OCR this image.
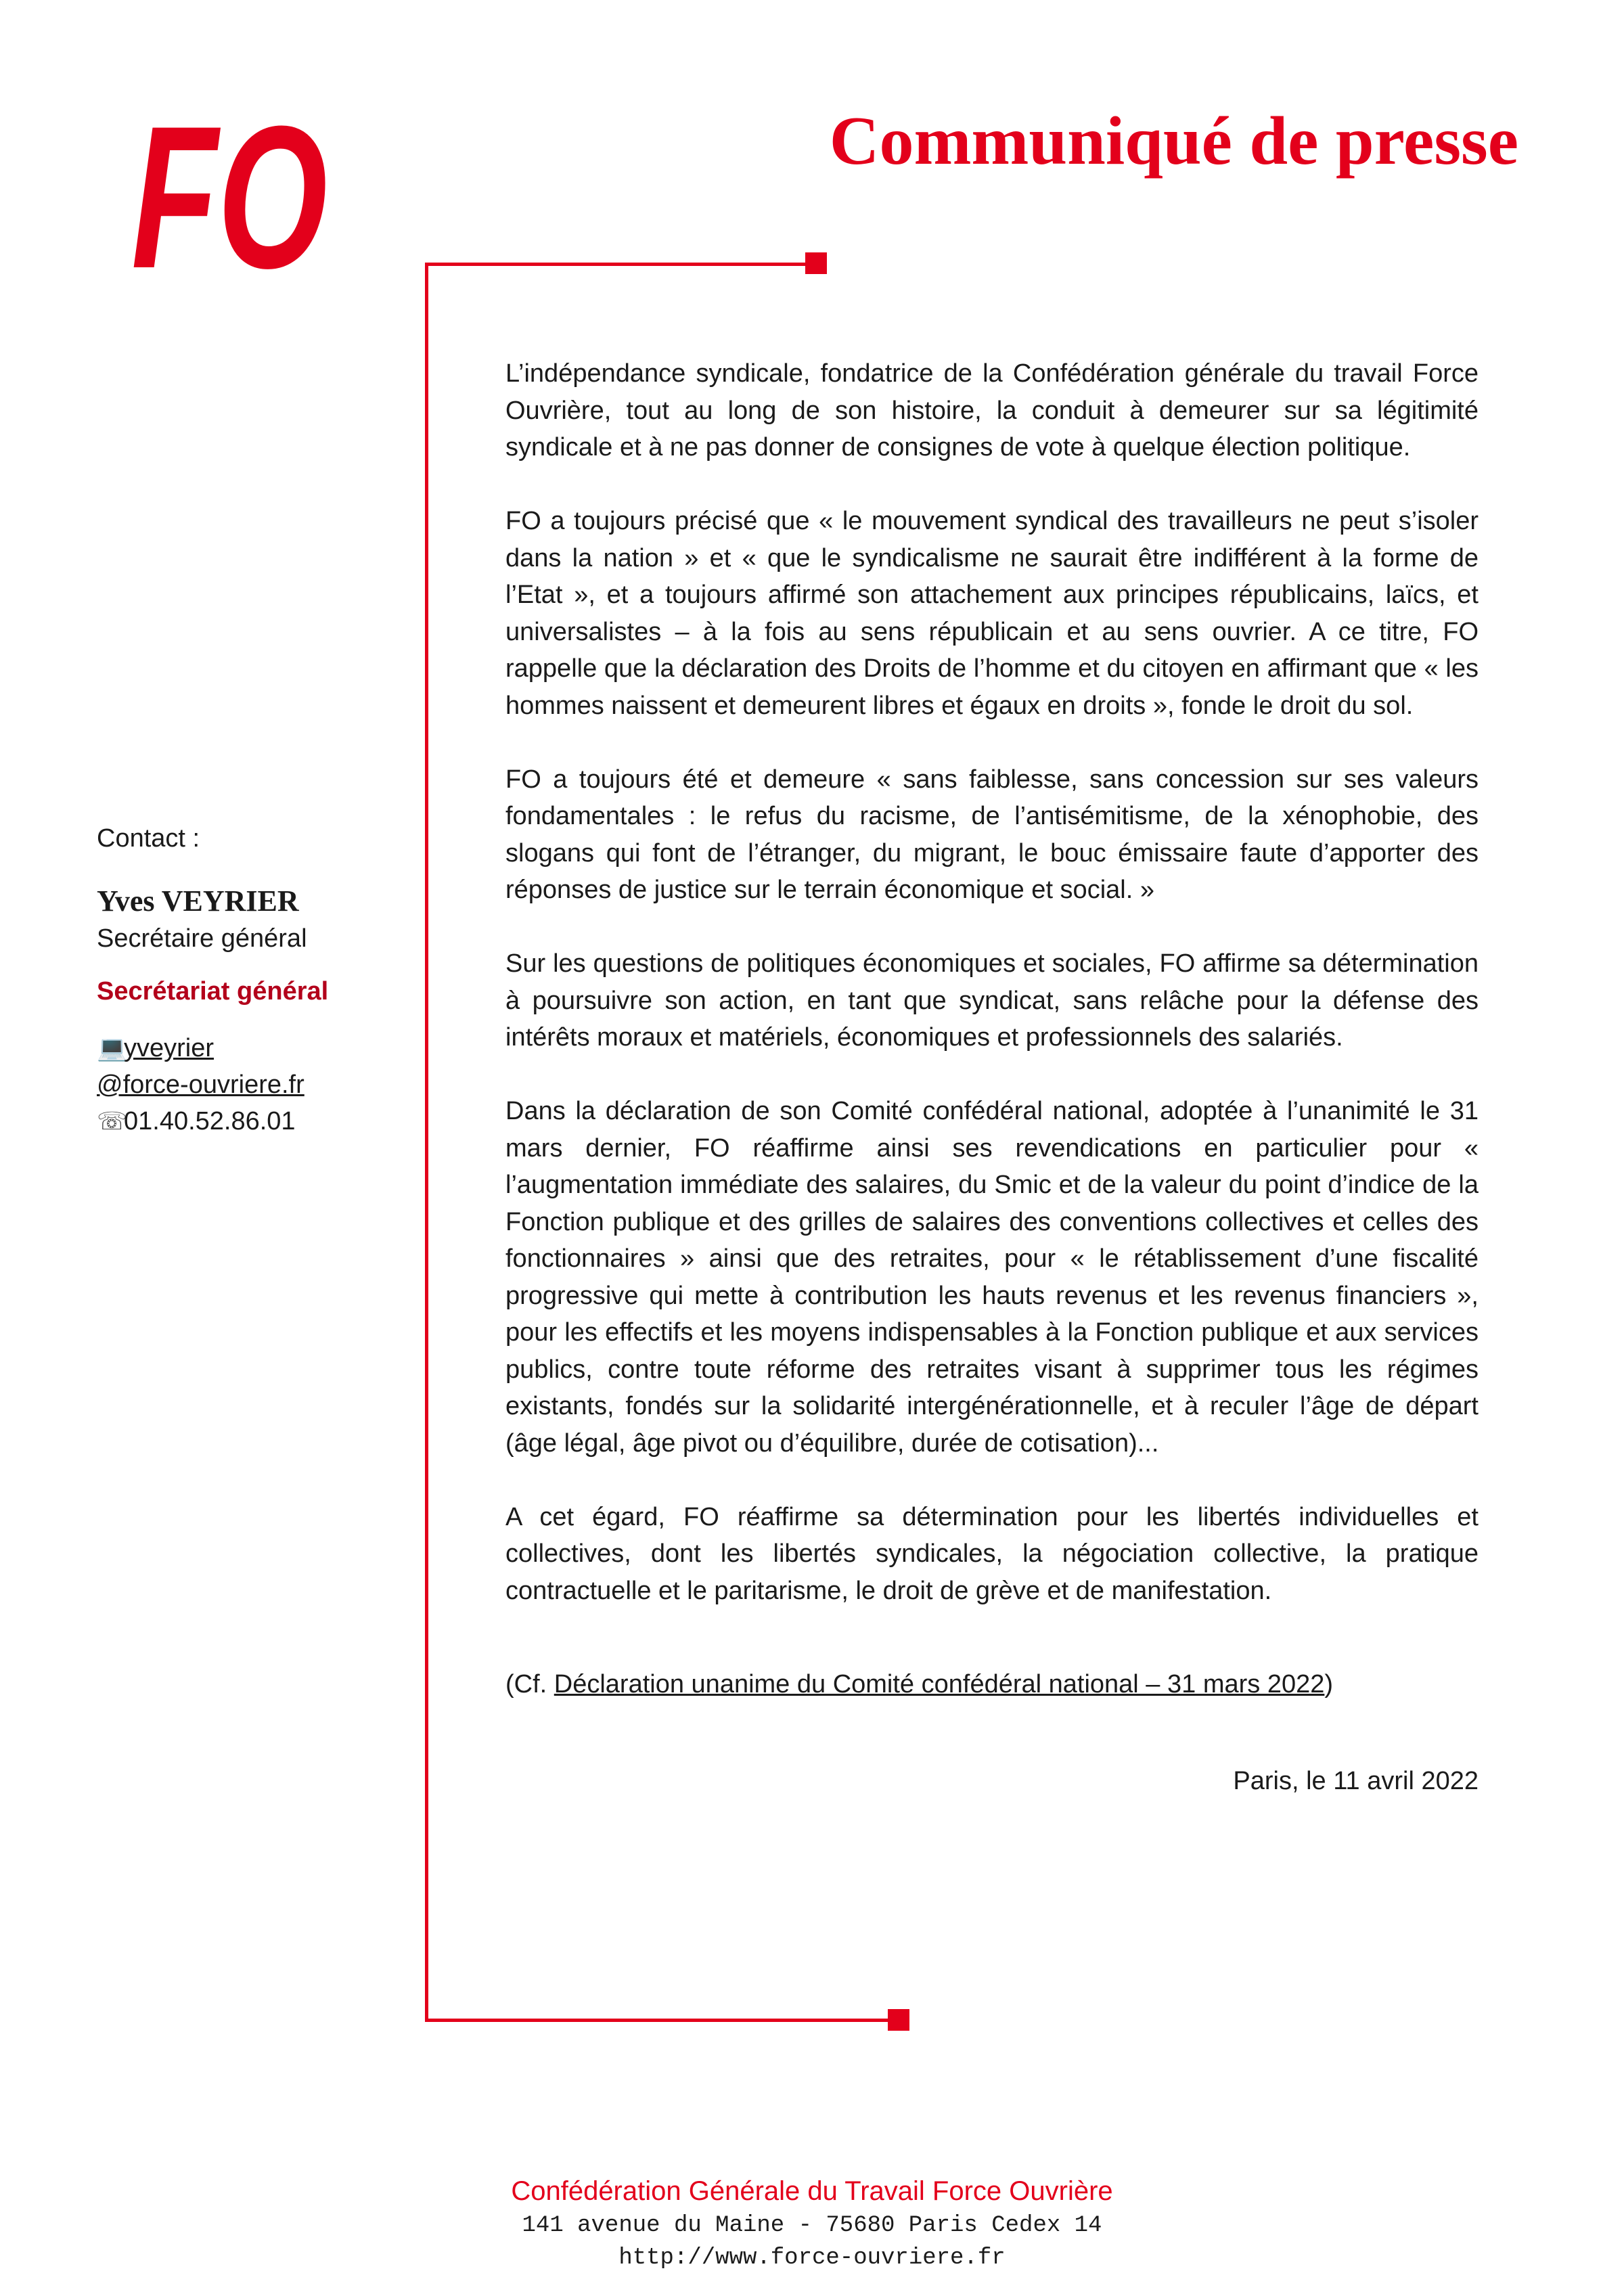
FO	Communiqué de presse
Contact :
Yves VEYRIER
Secrétaire général
Secrétariat général
💻yveyrier
@force-ouvriere.fr
☏01.40.52.86.01

L’indépendance syndicale, fondatrice de la Confédération générale du travail Force Ouvrière, tout au long de son histoire, la conduit à demeurer sur sa légitimité syndicale et à ne pas donner de consignes de vote à quelque élection politique.

FO a toujours précisé que « le mouvement syndical des travailleurs ne peut s’isoler dans la nation » et « que le syndicalisme ne saurait être indifférent à la forme de l’Etat », et a toujours affirmé son attachement aux principes républicains, laïcs, et universalistes – à la fois au sens républicain et au sens ouvrier. A ce titre, FO rappelle que la déclaration des Droits de l’homme et du citoyen en affirmant que « les hommes naissent et demeurent libres et égaux en droits », fonde le droit du sol.

FO a toujours été et demeure « sans faiblesse, sans concession sur ses valeurs fondamentales : le refus du racisme, de l’antisémitisme, de la xénophobie, des slogans qui font de l’étranger, du migrant, le bouc émissaire faute d’apporter des réponses de justice sur le terrain économique et social. »

Sur les questions de politiques économiques et sociales, FO affirme sa détermination à poursuivre son action, en tant que syndicat, sans relâche pour la défense des intérêts moraux et matériels, économiques et professionnels des salariés.

Dans la déclaration de son Comité confédéral national, adoptée à l’unanimité le 31 mars dernier, FO réaffirme ainsi ses revendications en particulier pour « l’augmentation immédiate des salaires, du Smic et de la valeur du point d’indice de la Fonction publique et des grilles de salaires des conventions collectives et celles des fonctionnaires » ainsi que des retraites, pour « le rétablissement d’une fiscalité progressive qui mette à contribution les hauts revenus et les revenus financiers », pour les effectifs et les moyens indispensables à la Fonction publique et aux services publics, contre toute réforme des retraites visant à supprimer tous les régimes existants, fondés sur la solidarité intergénérationnelle, et à reculer l’âge de départ (âge légal, âge pivot ou d’équilibre, durée de cotisation)...

A cet égard, FO réaffirme sa détermination pour les libertés individuelles et collectives, dont les libertés syndicales, la négociation collective, la pratique contractuelle et le paritarisme, le droit de grève et de manifestation.

(Cf. Déclaration unanime du Comité confédéral national – 31 mars 2022)

Paris, le 11 avril 2022
Confédération Générale du Travail Force Ouvrière
141 avenue du Maine - 75680 Paris Cedex 14
http://www.force-ouvriere.fr
